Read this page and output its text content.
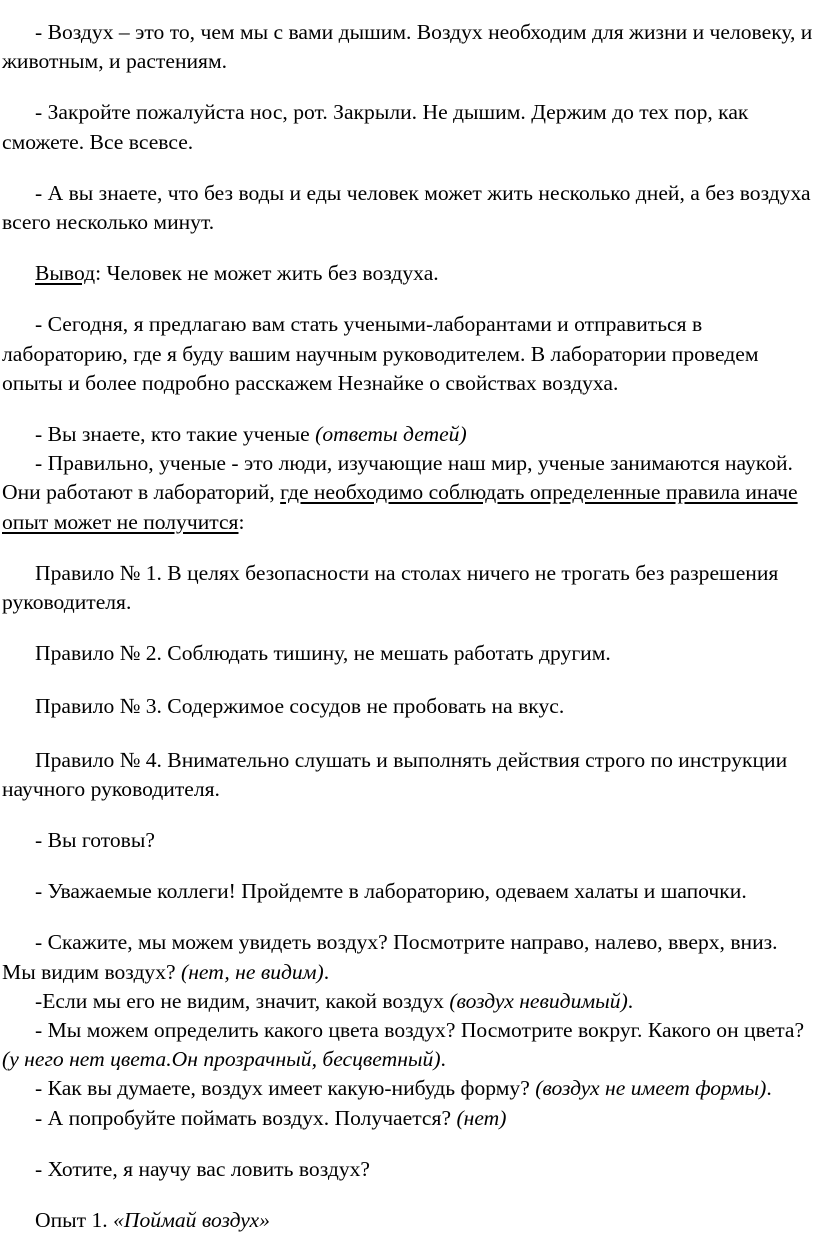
- Воздух – это то, чем мы с вами дышим. Воздух необходим для жизни и человеку, и животным, и растениям.

- Закройте пожалуйста нос, рот. Закрыли. Не дышим. Держим до тех пор, как сможете. Все всевсе.

- А вы знаете, что без воды и еды человек может жить несколько дней, а без воздуха всего несколько минут.

Вывод: Человек не может жить без воздуха.

- Сегодня, я предлагаю вам стать учеными-лаборантами и отправиться в лабораторию, где я буду вашим научным руководителем. В лаборатории проведем опыты и более подробно расскажем Незнайке о свойствах воздуха.

- Вы знаете, кто такие ученые (ответы детей)

- Правильно, ученые - это люди, изучающие наш мир, ученые занимаются наукой. Они работают в лабораторий, где необходимо соблюдать определенные правила иначе опыт может не получится:

Правило № 1. В целях безопасности на столах ничего не трогать без разрешения руководителя.

Правило № 2. Соблюдать тишину, не мешать работать другим.

Правило № 3. Содержимое сосудов не пробовать на вкус.

Правило № 4. Внимательно слушать и выполнять действия строго по инструкции научного руководителя.

- Вы готовы?

- Уважаемые коллеги! Пройдемте в лабораторию, одеваем халаты и шапочки.

- Скажите, мы можем увидеть воздух? Посмотрите направо, налево, вверх, вниз. Мы видим воздух? (нет, не видим).

-Если мы его не видим, значит, какой воздух (воздух невидимый).

- Мы можем определить какого цвета воздух? Посмотрите вокруг. Какого он цвета? (у него нет цвета.Он прозрачный, бесцветный).

- Как вы думаете, воздух имеет какую-нибудь форму? (воздух не имеет формы).

- А попробуйте поймать воздух. Получается? (нет)

- Хотите, я научу вас ловить воздух?

Опыт 1. «Поймай воздух»
